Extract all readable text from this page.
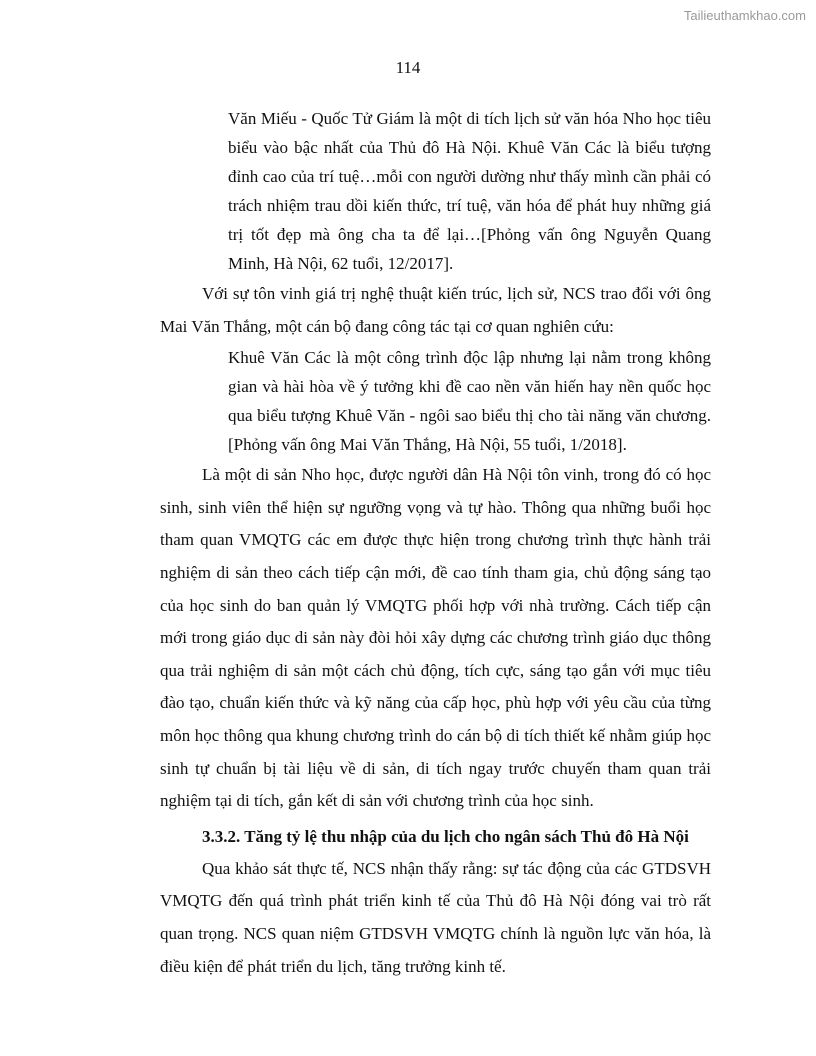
Tailieuthamkhao.com
114
Văn Miếu - Quốc Tử Giám là một di tích lịch sử văn hóa Nho học tiêu biểu vào bậc nhất của Thủ đô Hà Nội. Khuê Văn Các là biểu tượng đỉnh cao của trí tuệ…mỗi con người dường như thấy mình cần phải có trách nhiệm trau dồi kiến thức, trí tuệ, văn hóa để phát huy những giá trị tốt đẹp mà ông cha ta để lại…[Phỏng vấn ông Nguyễn Quang Minh, Hà Nội, 62 tuổi, 12/2017].
Với sự tôn vinh giá trị nghệ thuật kiến trúc, lịch sử, NCS trao đổi với ông Mai Văn Thắng, một cán bộ đang công tác tại cơ quan nghiên cứu:
Khuê Văn Các là một công trình độc lập nhưng lại nằm trong không gian và hài hòa về ý tưởng khi đề cao nền văn hiến hay nền quốc học qua biểu tượng Khuê Văn - ngôi sao biểu thị cho tài năng văn chương. [Phỏng vấn ông Mai Văn Thắng, Hà Nội, 55 tuổi, 1/2018].
Là một di sản Nho học, được người dân Hà Nội tôn vinh, trong đó có học sinh, sinh viên thể hiện sự ngưỡng vọng và tự hào. Thông qua những buổi học tham quan VMQTG các em được thực hiện trong chương trình thực hành trải nghiệm di sản theo cách tiếp cận mới, đề cao tính tham gia, chủ động sáng tạo của học sinh do ban quản lý VMQTG phối hợp với nhà trường. Cách tiếp cận mới trong giáo dục di sản này đòi hỏi xây dựng các chương trình giáo dục thông qua trải nghiệm di sản một cách chủ động, tích cực, sáng tạo gắn với mục tiêu đào tạo, chuẩn kiến thức và kỹ năng của cấp học, phù hợp với yêu cầu của từng môn học thông qua khung chương trình do cán bộ di tích thiết kế nhằm giúp học sinh tự chuẩn bị tài liệu về di sản, di tích ngay trước chuyến tham quan trải nghiệm tại di tích, gắn kết di sản với chương trình của học sinh.
3.3.2. Tăng tỷ lệ thu nhập của du lịch cho ngân sách Thủ đô Hà Nội
Qua khảo sát thực tế, NCS nhận thấy rằng: sự tác động của các GTDSVH VMQTG đến quá trình phát triển kinh tế của Thủ đô Hà Nội đóng vai trò rất quan trọng. NCS quan niệm GTDSVH VMQTG chính là nguồn lực văn hóa, là điều kiện để phát triển du lịch, tăng trưởng kinh tế.
